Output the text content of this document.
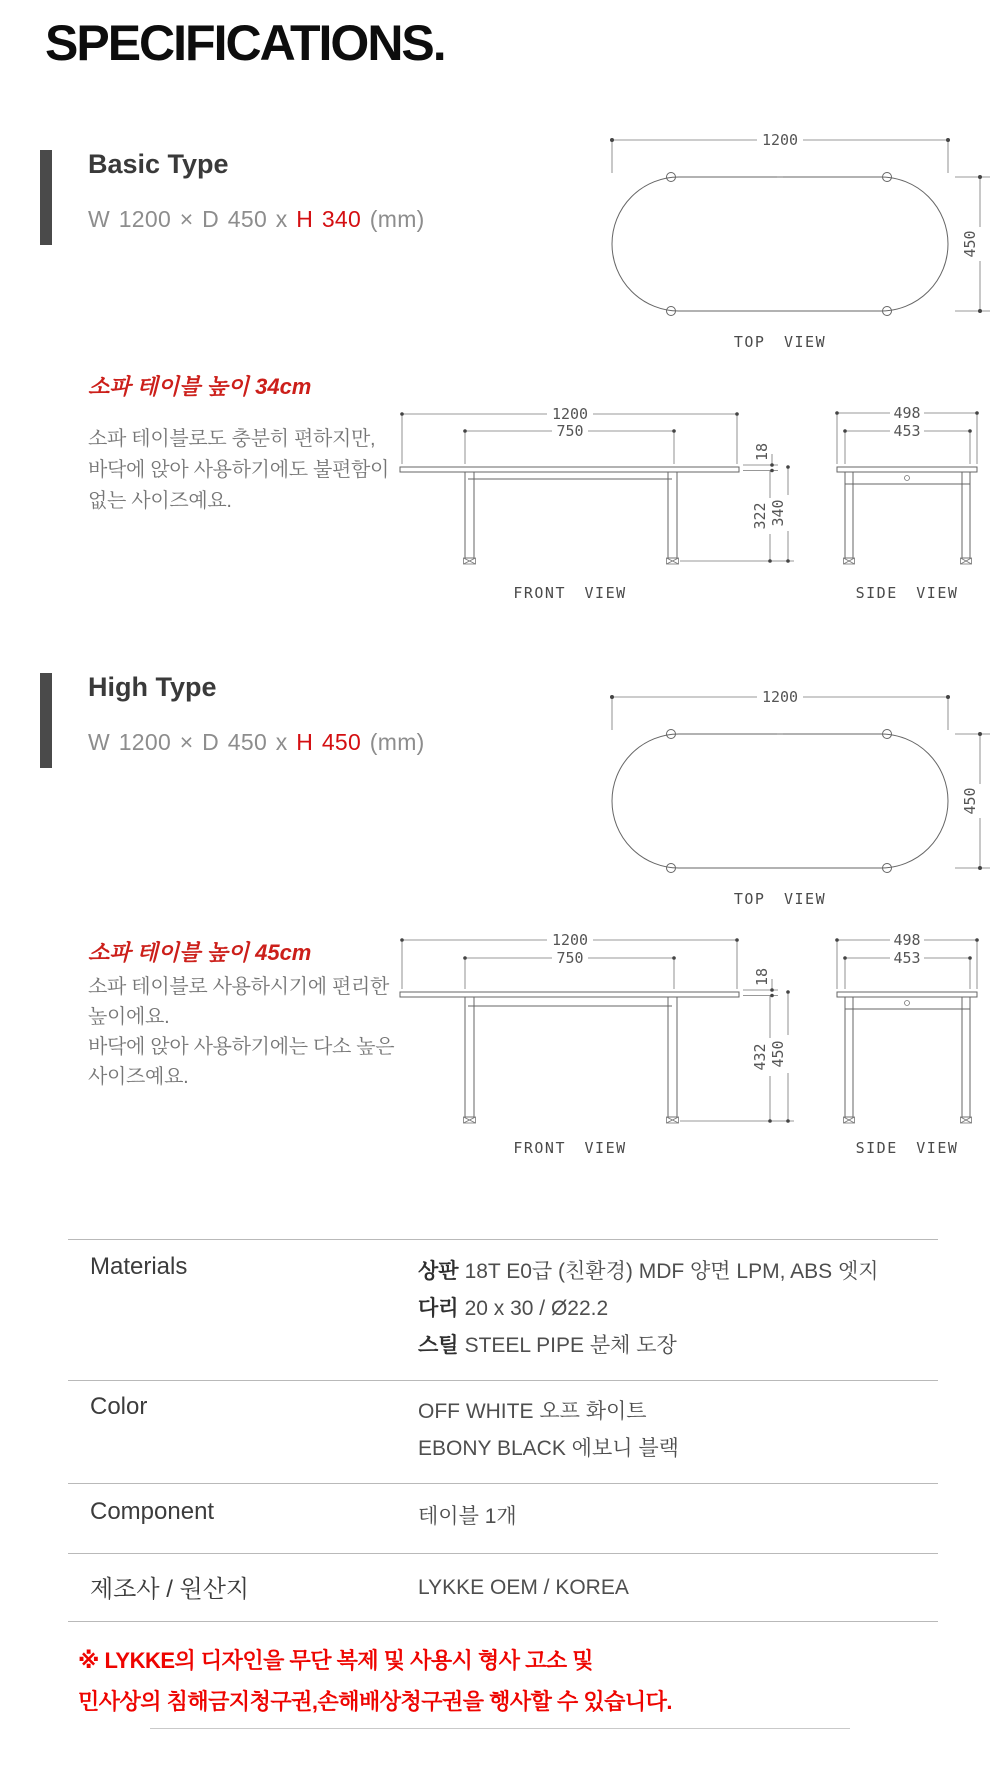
SPECIFICATIONS.
Basic Type
W 1200 × D 450 x H 340 (mm)
1200
450
TOP VIEW
소파 테이블 높이 34cm
소파 테이블로도 충분히 편하지만,
바닥에 앉아 사용하기에도 불편함이
없는 사이즈예요.
1200
750
18
322 340
FRONT VIEW
498
453
SIDE VIEW
High Type
W 1200 × D 450 x H 450 (mm)
1200
450
TOP VIEW
소파 테이블 높이 45cm
소파 테이블로 사용하시기에 편리한
높이에요.
바닥에 앉아 사용하기에는 다소 높은
사이즈예요.
1200
750
18
432 450
FRONT VIEW
498
453
SIDE VIEW
Materials	상판 18T E0급 (친환경) MDF 양면 LPM, ABS 엣지
다리 20 x 30 / Ø22.2
스틸 STEEL PIPE 분체 도장
Color	OFF WHITE 오프 화이트
EBONY BLACK 에보니 블랙
Component	테이블 1개
제조사 / 원산지	LYKKE OEM / KOREA
※ LYKKE의 디자인을 무단 복제 및 사용시 형사 고소 및
민사상의 침해금지청구권,손해배상청구권을 행사할 수 있습니다.
